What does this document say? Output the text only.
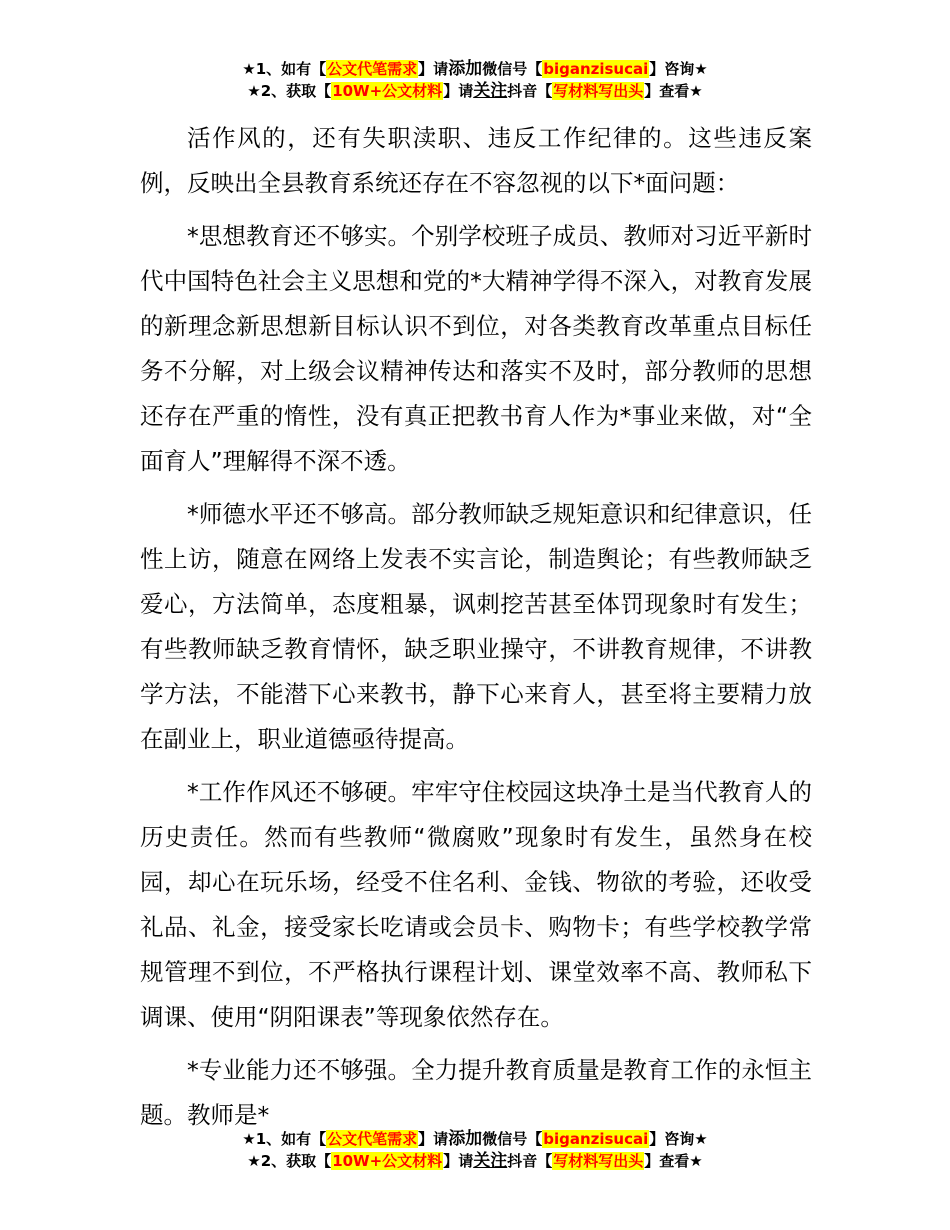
★1、如有【公文代笔需求】请添加微信号【biganzisucai】咨询★
★2、获取【10W+公文材料】请关注抖音【写材料写出头】查看★

活作风的，还有失职渎职、违反工作纪律的。这些违反案例，反映出全县教育系统还存在不容忽视的以下*面问题：

*思想教育还不够实。个别学校班子成员、教师对习近平新时代中国特色社会主义思想和党的*大精神学得不深入，对教育发展的新理念新思想新目标认识不到位，对各类教育改革重点目标任务不分解，对上级会议精神传达和落实不及时，部分教师的思想还存在严重的惰性，没有真正把教书育人作为*事业来做，对“全面育人”理解得不深不透。

*师德水平还不够高。部分教师缺乏规矩意识和纪律意识，任性上访，随意在网络上发表不实言论，制造舆论；有些教师缺乏爱心，方法简单，态度粗暴，讽刺挖苦甚至体罚现象时有发生；有些教师缺乏教育情怀，缺乏职业操守，不讲教育规律，不讲教学方法，不能潜下心来教书，静下心来育人，甚至将主要精力放在副业上，职业道德亟待提高。

*工作作风还不够硬。牢牢守住校园这块净土是当代教育人的历史责任。然而有些教师“微腐败”现象时有发生，虽然身在校园，却心在玩乐场，经受不住名利、金钱、物欲的考验，还收受礼品、礼金，接受家长吃请或会员卡、购物卡；有些学校教学常规管理不到位，不严格执行课程计划、课堂效率不高、教师私下调课、使用“阴阳课表”等现象依然存在。

*专业能力还不够强。全力提升教育质量是教育工作的永恒主题。教师是*

★1、如有【公文代笔需求】请添加微信号【biganzisucai】咨询★
★2、获取【10W+公文材料】请关注抖音【写材料写出头】查看★
